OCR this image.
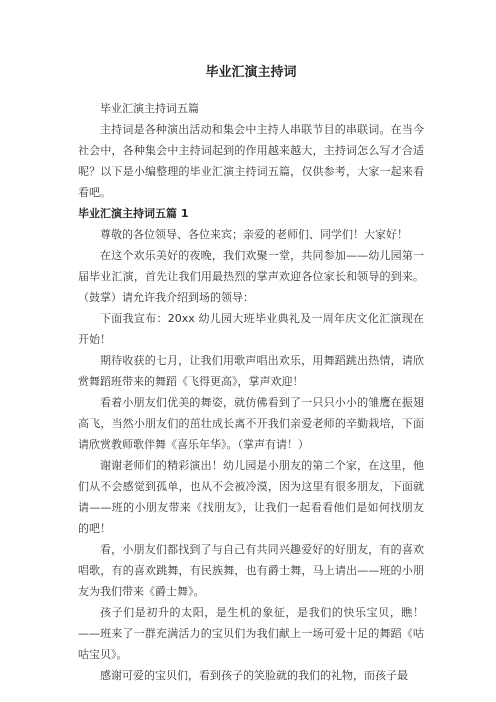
毕业汇演主持词

毕业汇演主持词五篇

主持词是各种演出活动和集会中主持人串联节目的串联词。在当今社会中，各种集会中主持词起到的作用越来越大，主持词怎么写才合适呢？以下是小编整理的毕业汇演主持词五篇，仅供参考，大家一起来看看吧。

毕业汇演主持词五篇 1

尊敬的各位领导、各位来宾；亲爱的老师们、同学们！大家好！

在这个欢乐美好的夜晚，我们欢聚一堂，共同参加——幼儿园第一届毕业汇演，首先让我们用最热烈的掌声欢迎各位家长和领导的到来。（鼓掌）请允许我介绍到场的领导：

下面我宣布：20xx 幼儿园大班毕业典礼及一周年庆文化汇演现在开始！

期待收获的七月，让我们用歌声唱出欢乐，用舞蹈跳出热情，请欣赏舞蹈班带来的舞蹈《飞得更高》，掌声欢迎！

看着小朋友们优美的舞姿，就仿佛看到了一只只小小的雏鹰在振翅高飞，当然小朋友们的茁壮成长离不开我们亲爱老师的辛勤栽培，下面请欣赏教师歌伴舞《喜乐年华》。（掌声有请！）

谢谢老师们的精彩演出！幼儿园是小朋友的第二个家，在这里，他们从不会感觉到孤单，也从不会被冷漠，因为这里有很多朋友，下面就请——班的小朋友带来《找朋友》，让我们一起看看他们是如何找朋友的吧！

看，小朋友们都找到了与自己有共同兴趣爱好的好朋友，有的喜欢唱歌，有的喜欢跳舞，有民族舞，也有爵士舞，马上请出——班的小朋友为我们带来《爵士舞》。

孩子们是初升的太阳，是生机的象征，是我们的快乐宝贝，瞧！——班来了一群充满活力的宝贝们为我们献上一场可爱十足的舞蹈《咕咕宝贝》。

感谢可爱的宝贝们，看到孩子的笑脸就的我们的礼物，而孩子最
